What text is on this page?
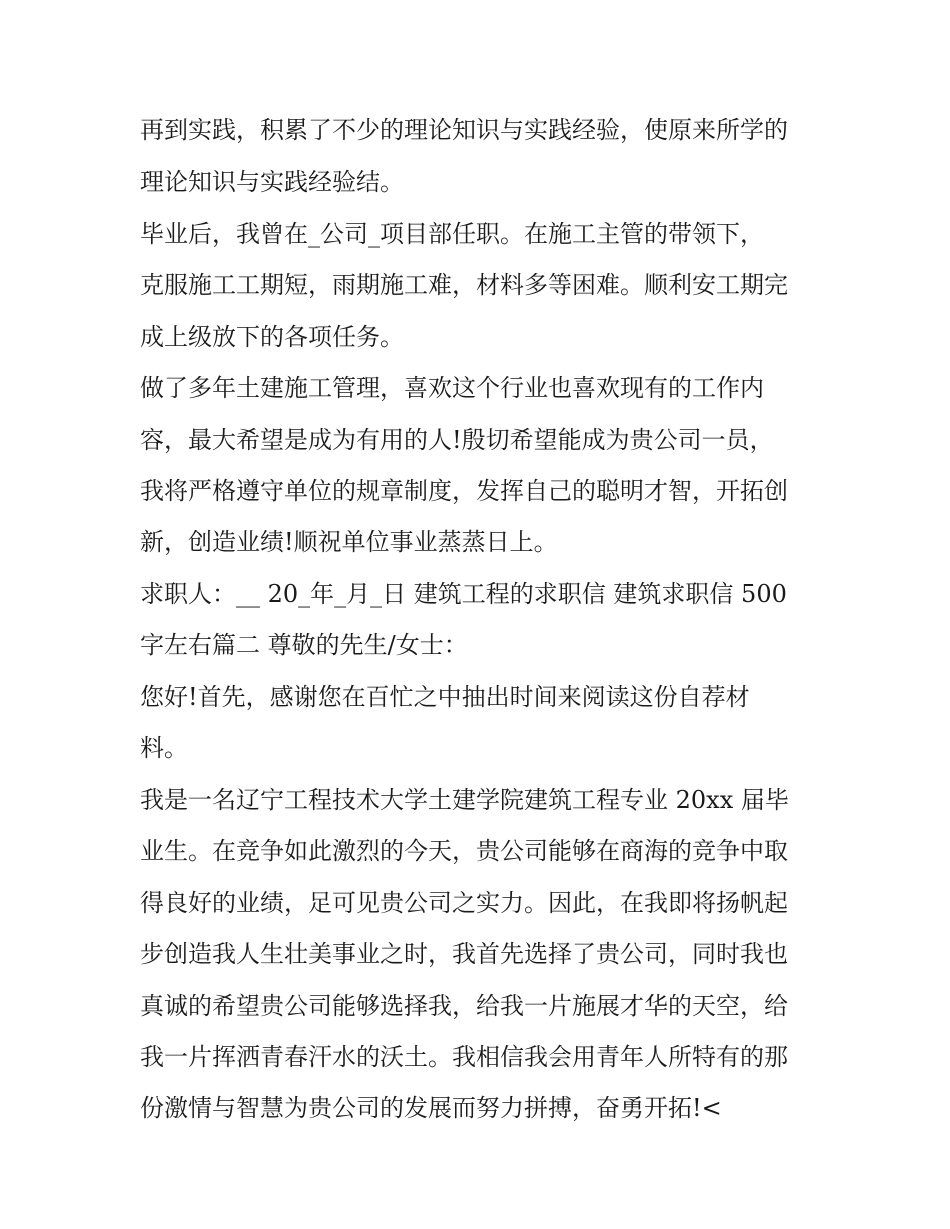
再到实践，积累了不少的理论知识与实践经验，使原来所学的
理论知识与实践经验结。
毕业后，我曾在_公司_项目部任职。在施工主管的带领下，
克服施工工期短，雨期施工难，材料多等困难。顺利安工期完
成上级放下的各项任务。
做了多年土建施工管理，喜欢这个行业也喜欢现有的工作内
容，最大希望是成为有用的人!殷切希望能成为贵公司一员，
我将严格遵守单位的规章制度，发挥自己的聪明才智，开拓创
新，创造业绩!顺祝单位事业蒸蒸日上。
求职人：__ 20_年_月_日 建筑工程的求职信 建筑求职信 500
字左右篇二 尊敬的先生/女士：
您好!首先，感谢您在百忙之中抽出时间来阅读这份自荐材
料。
我是一名辽宁工程技术大学土建学院建筑工程专业 20xx 届毕
业生。在竞争如此激烈的今天，贵公司能够在商海的竞争中取
得良好的业绩，足可见贵公司之实力。因此，在我即将扬帆起
步创造我人生壮美事业之时，我首先选择了贵公司，同时我也
真诚的希望贵公司能够选择我，给我一片施展才华的天空，给
我一片挥洒青春汗水的沃土。我相信我会用青年人所特有的那
份激情与智慧为贵公司的发展而努力拼搏，奋勇开拓!<
